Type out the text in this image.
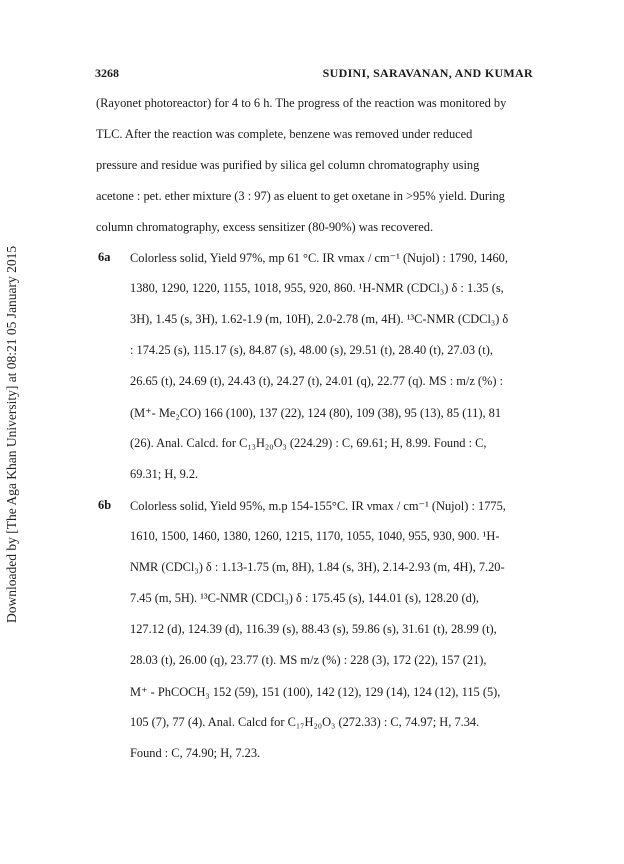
3268	SUDINI, SARAVANAN, AND KUMAR
Downloaded by [The Aga Khan University] at 08:21 05 January 2015
(Rayonet photoreactor) for 4 to 6 h. The progress of the reaction was monitored by
TLC. After the reaction was complete, benzene was removed under reduced
pressure and residue was purified by silica gel column chromatography using
acetone : pet. ether mixture (3 : 97) as eluent to get oxetane in >95% yield. During
column chromatography, excess sensitizer (80-90%) was recovered.
6a Colorless solid, Yield 97%, mp 61 °C. IR νmax / cm⁻¹ (Nujol) : 1790, 1460,
1380, 1290, 1220, 1155, 1018, 955, 920, 860. ¹H-NMR (CDCl₃) δ : 1.35 (s,
3H), 1.45 (s, 3H), 1.62-1.9 (m, 10H), 2.0-2.78 (m, 4H). ¹³C-NMR (CDCl₃) δ
: 174.25 (s), 115.17 (s), 84.87 (s), 48.00 (s), 29.51 (t), 28.40 (t), 27.03 (t),
26.65 (t), 24.69 (t), 24.43 (t), 24.27 (t), 24.01 (q), 22.77 (q). MS : m/z (%) :
(M⁺- Me₂CO) 166 (100), 137 (22), 124 (80), 109 (38), 95 (13), 85 (11), 81
(26). Anal. Calcd. for C₁₃H₂₀O₃ (224.29) : C, 69.61; H, 8.99. Found : C,
69.31; H, 9.2.
6b Colorless solid, Yield 95%, m.p 154-155°C. IR νmax / cm⁻¹ (Nujol) : 1775,
1610, 1500, 1460, 1380, 1260, 1215, 1170, 1055, 1040, 955, 930, 900. ¹H-
NMR (CDCl₃) δ : 1.13-1.75 (m, 8H), 1.84 (s, 3H), 2.14-2.93 (m, 4H), 7.20-
7.45 (m, 5H). ¹³C-NMR (CDCl₃) δ : 175.45 (s), 144.01 (s), 128.20 (d),
127.12 (d), 124.39 (d), 116.39 (s), 88.43 (s), 59.86 (s), 31.61 (t), 28.99 (t),
28.03 (t), 26.00 (q), 23.77 (t). MS m/z (%) : 228 (3), 172 (22), 157 (21),
M⁺ - PhCOCH₃ 152 (59), 151 (100), 142 (12), 129 (14), 124 (12), 115 (5),
105 (7), 77 (4). Anal. Calcd for C₁₇H₂₀O₃ (272.33) : C, 74.97; H, 7.34.
Found : C, 74.90; H, 7.23.
